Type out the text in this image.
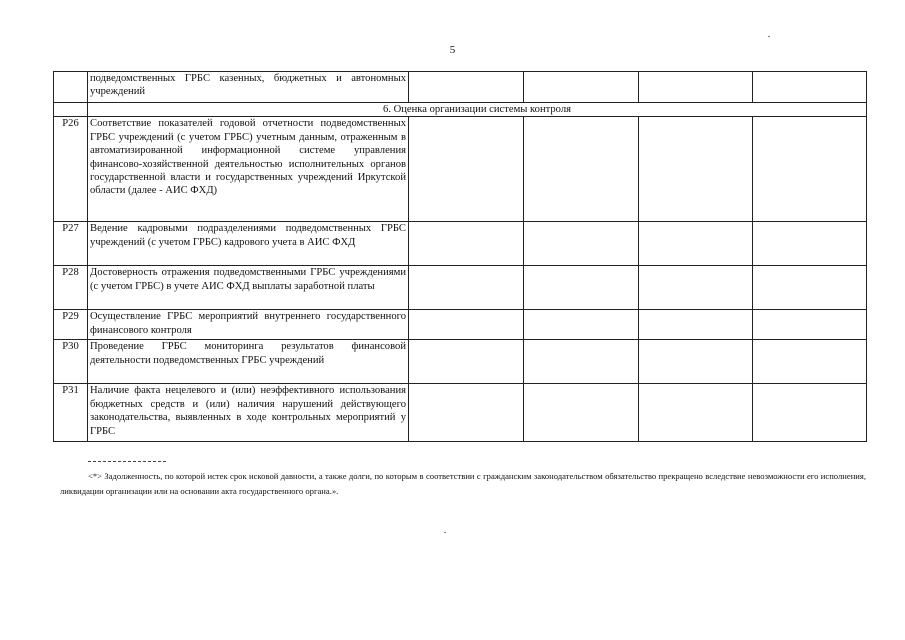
5
	подведомственных ГРБС казенных, бюджетных и автономных учреждений				
	6. Оценка организации системы контроля				
P26	Соответствие показателей годовой отчетности подведомственных ГРБС учреждений (с учетом ГРБС) учетным данным, отраженным в автоматизированной информационной системе управления финансово-хозяйственной деятельностью исполнительных органов государственной власти и государственных учреждений Иркутской области (далее - АИС ФХД)				
P27	Ведение кадровыми подразделениями подведомственных ГРБС учреждений (с учетом ГРБС) кадрового учета в АИС ФХД				
P28	Достоверность отражения подведомственными ГРБС учреждениями (с учетом ГРБС) в учете АИС ФХД выплаты заработной платы				
P29	Осуществление ГРБС мероприятий внутреннего государственного финансового контроля				
P30	Проведение ГРБС мониторинга результатов финансовой деятельности подведомственных ГРБС учреждений				
P31	Наличие факта нецелевого и (или) неэффективного использования бюджетных средств и (или) наличия нарушений действующего законодательства, выявленных в ходе контрольных мероприятий у ГРБС				
<*> Задолженность, по которой истек срок исковой давности, а также долги, по которым в соответствии с гражданским законодательством обязательство прекращено вследствие невозможности его исполнения, ликвидации организации или на основании акта государственного органа.».
